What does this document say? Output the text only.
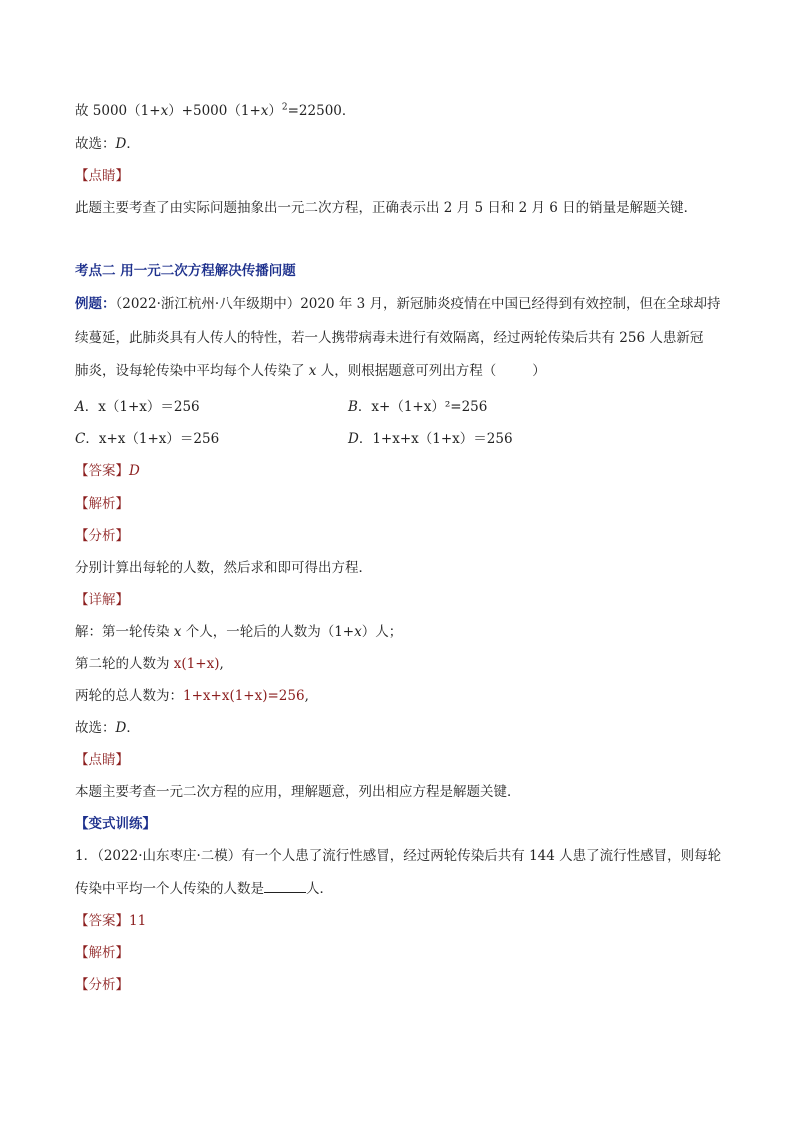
故 $5000(1+x)+5000(1+x)^2=22500$．
故选：D．
【点睛】
此题主要考查了由实际问题抽象出一元二次方程，正确表示出 2 月 5 日和 2 月 6 日的销量是解题关键．
考点二 用一元二次方程解决传播问题
例题：（2022·浙江杭州·八年级期中）2020 年 3 月，新冠肺炎疫情在中国已经得到有效控制，但在全球却持
续蔓延，此肺炎具有人传人的特性，若一人携带病毒未进行有效隔离，经过两轮传染后共有 256 人患新冠
肺炎，设每轮传染中平均每个人传染了 x 人，则根据题意可列出方程（	）
A．x（1+x）＝256	B．x+（1+x）²=256
C．x+x（1+x）＝256	D．1+x+x（1+x）＝256
【答案】D
【解析】
【分析】
分别计算出每轮的人数，然后求和即可得出方程．
【详解】
解：第一轮传染 x 个人，一轮后的人数为（1+x）人；
第二轮的人数为 x(1+x),
两轮的总人数为：1+x+x(1+x)=256,
故选：D．
【点睛】
本题主要考查一元二次方程的应用，理解题意，列出相应方程是解题关键．
【变式训练】
1．（2022·山东枣庄·二模）有一个人患了流行性感冒，经过两轮传染后共有 144 人患了流行性感冒，则每轮
传染中平均一个人传染的人数是	人．
【答案】11
【解析】
【分析】
